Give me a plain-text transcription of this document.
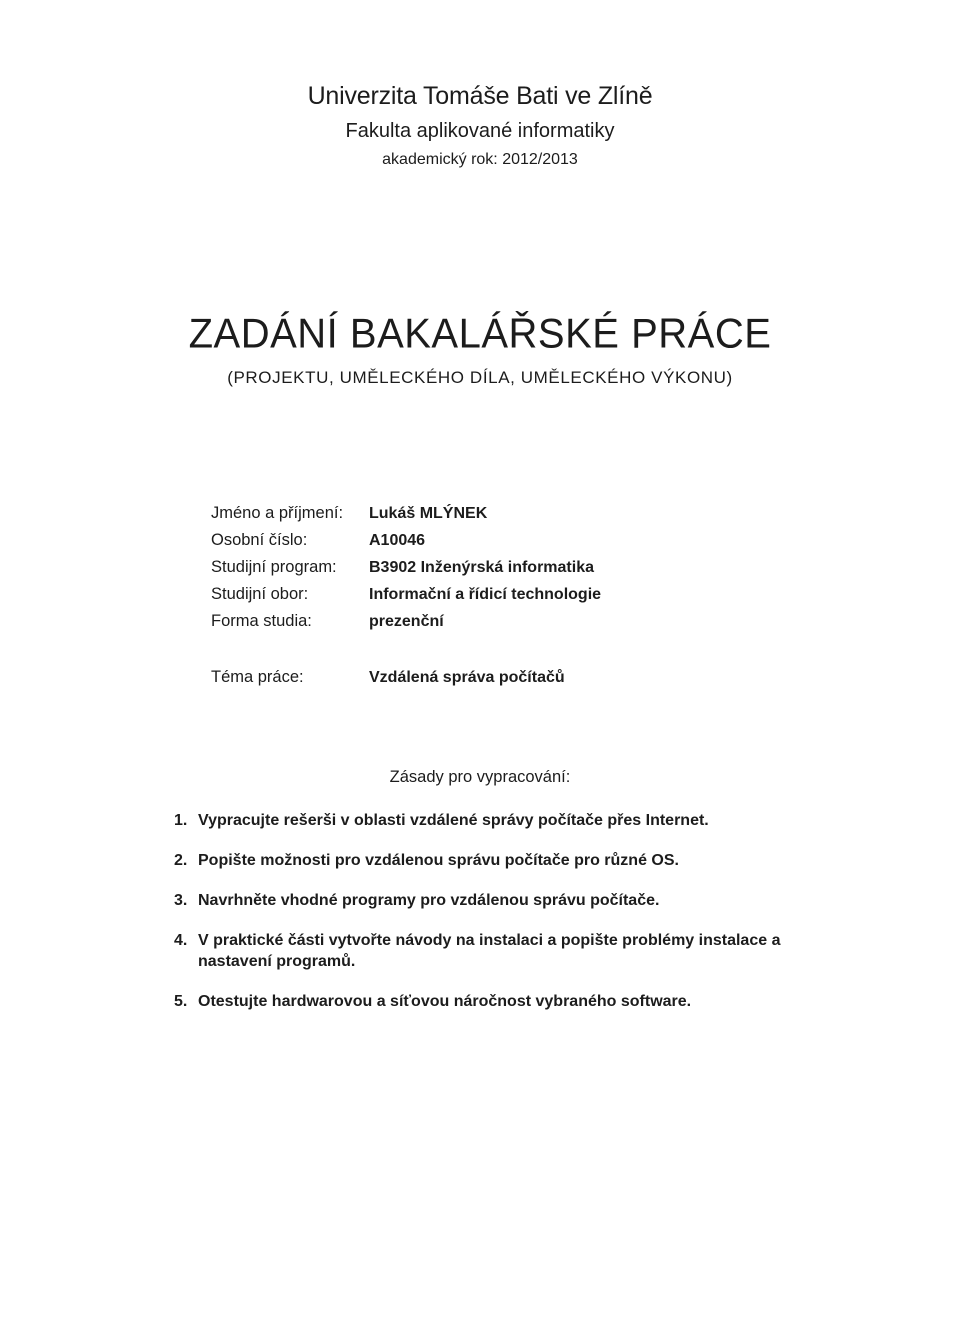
Univerzita Tomáše Bati ve Zlíně
Fakulta aplikované informatiky
akademický rok: 2012/2013
ZADÁNÍ BAKALÁŘSKÉ PRÁCE
(PROJEKTU, UMĚLECKÉHO DÍLA, UMĚLECKÉHO VÝKONU)
Jméno a příjmení:	Lukáš MLÝNEK
Osobní číslo:	A10046
Studijní program:	B3902 Inženýrská informatika
Studijní obor:	Informační a řídicí technologie
Forma studia:	prezenční
Téma práce:	Vzdálená správa počítačů
Zásady pro vypracování:
1. Vypracujte rešerši v oblasti vzdálené správy počítače přes Internet.
2. Popište možnosti pro vzdálenou správu počítače pro různé OS.
3. Navrhněte vhodné programy pro vzdálenou správu počítače.
4. V praktické části vytvořte návody na instalaci a popište problémy instalace a nastavení programů.
5. Otestujte hardwarovou a síťovou náročnost vybraného software.
